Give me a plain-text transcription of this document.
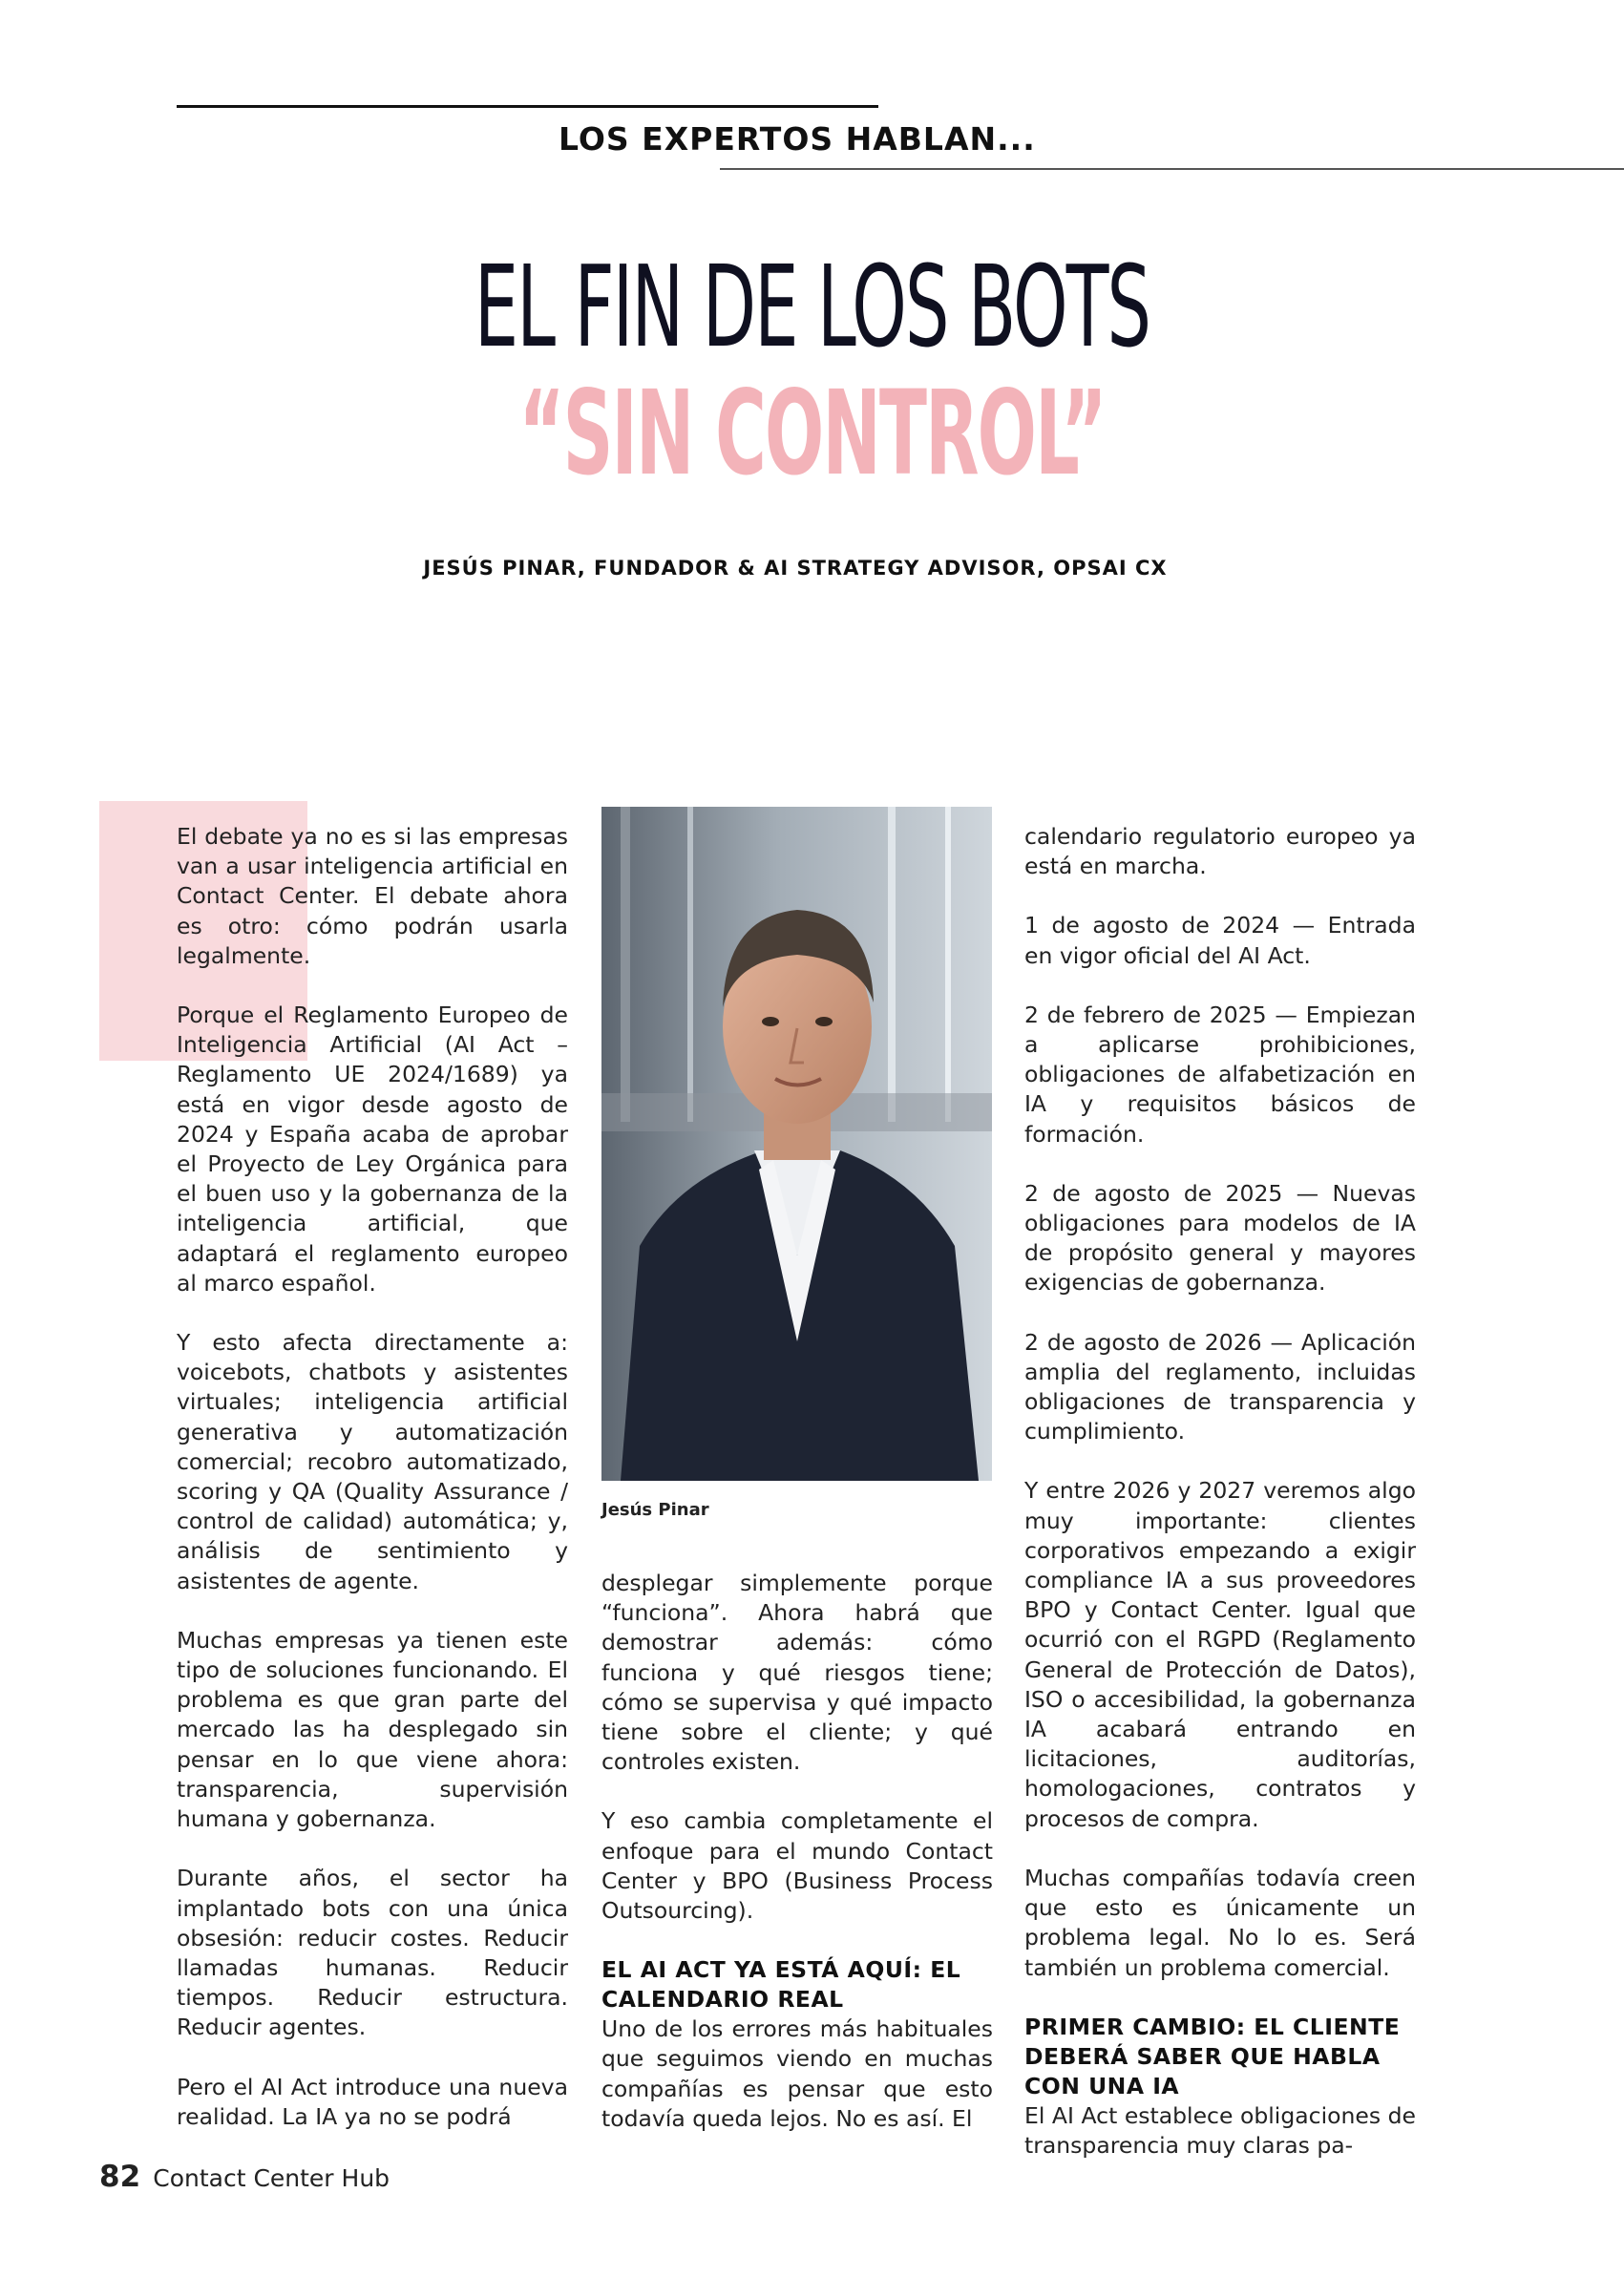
LOS EXPERTOS HABLAN...
EL FIN DE LOS BOTS
“SIN CONTROL”
JESÚS PINAR, FUNDADOR & AI STRATEGY ADVISOR, OPSAI CX

El debate ya no es si las empresas van a usar inteligencia artificial en Contact Center. El debate ahora es otro: cómo podrán usarla legalmente.

Porque el Reglamento Europeo de Inteligencia Artificial (AI Act – Reglamento UE 2024/1689) ya está en vigor desde agosto de 2024 y España acaba de aprobar el Proyecto de Ley Orgánica para el buen uso y la gobernanza de la inteligencia artificial, que adaptará el reglamento europeo al marco español.

Y esto afecta directamente a: voicebots, chatbots y asistentes virtuales; inteligencia artificial generativa y automatización comercial; recobro automatizado, scoring y QA (Quality Assurance / control de calidad) automática; y, análisis de sentimiento y asistentes de agente.

Muchas empresas ya tienen este tipo de soluciones funcionando. El problema es que gran parte del mercado las ha desplegado sin pensar en lo que viene ahora: transparencia, supervisión humana y gobernanza.

Durante años, el sector ha implantado bots con una única obsesión: reducir costes. Reducir llamadas humanas. Reducir tiempos. Reducir estructura. Reducir agentes.

Pero el AI Act introduce una nueva realidad. La IA ya no se podrá

Jesús Pinar

desplegar simplemente porque “funciona”. Ahora habrá que demostrar además: cómo funciona y qué riesgos tiene; cómo se supervisa y qué impacto tiene sobre el cliente; y qué controles existen.

Y eso cambia completamente el enfoque para el mundo Contact Center y BPO (Business Process Outsourcing).

EL AI ACT YA ESTÁ AQUÍ: EL CALENDARIO REAL

Uno de los errores más habituales que seguimos viendo en muchas compañías es pensar que esto todavía queda lejos. No es así. El

calendario regulatorio europeo ya está en marcha.

1 de agosto de 2024 — Entrada en vigor oficial del AI Act.

2 de febrero de 2025 — Empiezan a aplicarse prohibiciones, obligaciones de alfabetización en IA y requisitos básicos de formación.

2 de agosto de 2025 — Nuevas obligaciones para modelos de IA de propósito general y mayores exigencias de gobernanza.

2 de agosto de 2026 — Aplicación amplia del reglamento, incluidas obligaciones de transparencia y cumplimiento.

Y entre 2026 y 2027 veremos algo muy importante: clientes corporativos empezando a exigir compliance IA a sus proveedores BPO y Contact Center. Igual que ocurrió con el RGPD (Reglamento General de Protección de Datos), ISO o accesibilidad, la gobernanza IA acabará entrando en licitaciones, auditorías, homologaciones, contratos y procesos de compra.

Muchas compañías todavía creen que esto es únicamente un problema legal. No lo es. Será también un problema comercial.

PRIMER CAMBIO: EL CLIENTE DEBERÁ SABER QUE HABLA CON UNA IA

El AI Act establece obligaciones de transparencia muy claras pa-

82 Contact Center Hub
